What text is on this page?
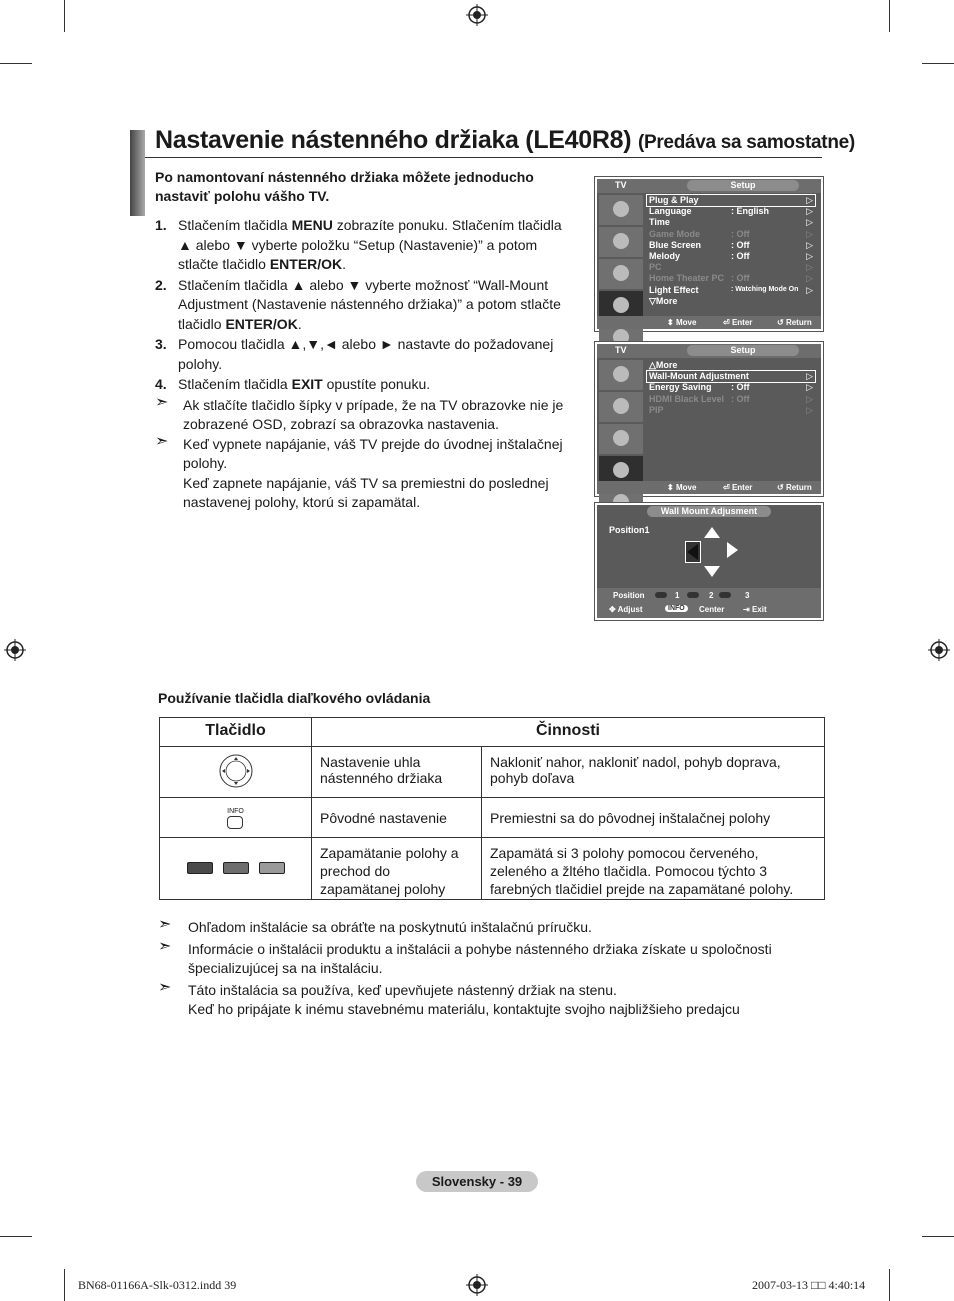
Nastavenie nástenného držiaka (LE40R8) (Predáva sa samostatne)
Po namontovaní nástenného držiaka môžete jednoducho nastaviť polohu vášho TV.
1. Stlačením tlačidla MENU zobrazíte ponuku. Stlačením tlačidla ▲ alebo ▼ vyberte položku “Setup (Nastavenie)” a potom stlačte tlačidlo ENTER/OK.
2. Stlačením tlačidla ▲ alebo ▼ vyberte možnosť “Wall-Mount Adjustment (Nastavenie nástenného držiaka)” a potom stlačte tlačidlo ENTER/OK.
3. Pomocou tlačidla ▲,▼,◄ alebo ► nastavte do požadovanej polohy.
4. Stlačením tlačidla EXIT opustíte ponuku.
➣ Ak stlačíte tlačidlo šípky v prípade, že na TV obrazovke nie je zobrazené OSD, zobrazí sa obrazovka nastavenia.
➣ Keď vypnete napájanie, váš TV prejde do úvodnej inštalačnej polohy.
Keď zapnete napájanie, váš TV sa premiestni do poslednej nastavenej polohy, ktorú si zapamätal.
TV	Setup
Plug & Play	▷
Language	: English	▷
Time	▷
Game Mode	: Off	▷
Blue Screen	: Off	▷
Melody	: Off	▷
PC	▷
Home Theater PC : Off	▷
Light Effect	: Watching Mode On ▷
▽More
⬍ Move	⏎ Enter	↺ Return
TV	Setup
△More
Wall-Mount Adjustment	▷
Energy Saving : Off	▷
HDMI Black Level : Off	▷
PIP	▷
⬍ Move	⏎ Enter	↺ Return
Wall Mount Adjusment
Position1
Position	1	2	3
✥ Adjust	INFO	Center ⇥ Exit
Používanie tlačidla diaľkového ovládania
Tlačidlo	Činnosti	
	Nastavenie uhla nástenného držiaka	Nakloniť nahor, nakloniť nadol, pohyb doprava, pohyb doľava
INFO	Pôvodné nastavenie	Premiestni sa do pôvodnej inštalačnej polohy
	Zapamätanie polohy a prechod do zapamätanej polohy	Zapamätá si 3 polohy pomocou červeného, zeleného a žltého tlačidla. Pomocou týchto 3 farebných tlačidiel prejde na zapamätané polohy.
➣ Ohľadom inštalácie sa obráťte na poskytnutú inštalačnú príručku.
➣ Informácie o inštalácii produktu a inštalácii a pohybe nástenného držiaka získate u spoločnosti špecializujúcej sa na inštaláciu.
➣ Táto inštalácia sa používa, keď upevňujete nástenný držiak na stenu.
Keď ho pripájate k inému stavebnému materiálu, kontaktujte svojho najbližšieho predajcu
Slovensky - 39
BN68-01166A-Slk-0312.indd 39	2007-03-13 □□ 4:40:14
